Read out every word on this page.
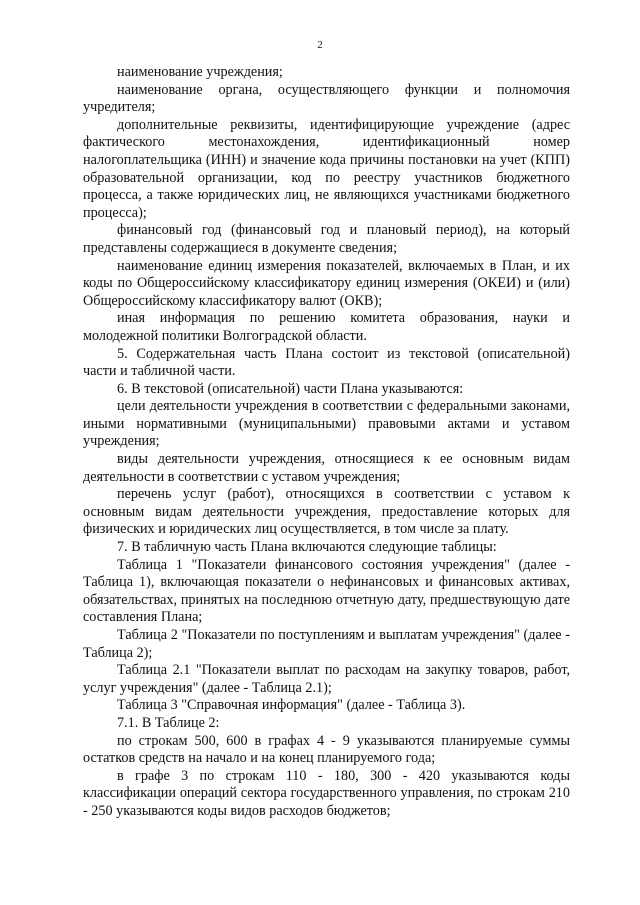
2

наименование учреждения;

наименование органа, осуществляющего функции и полномочия учредителя;

дополнительные реквизиты, идентифицирующие учреждение (адрес фактического местонахождения, идентификационный номер налогоплательщика (ИНН) и значение кода причины постановки на учет (КПП) образовательной организации, код по реестру участников бюджетного процесса, а также юридических лиц, не являющихся участниками бюджетного процесса);

финансовый год (финансовый год и плановый период), на который представлены содержащиеся в документе сведения;

наименование единиц измерения показателей, включаемых в План, и их коды по Общероссийскому классификатору единиц измерения (ОКЕИ) и (или) Общероссийскому классификатору валют (ОКВ);

иная информация по решению комитета образования, науки и молодежной политики Волгоградской области.

5. Содержательная часть Плана состоит из текстовой (описательной) части и табличной части.

6. В текстовой (описательной) части Плана указываются:

цели деятельности учреждения в соответствии с федеральными законами, иными нормативными (муниципальными) правовыми актами и уставом учреждения;

виды деятельности учреждения, относящиеся к ее основным видам деятельности в соответствии с уставом учреждения;

перечень услуг (работ), относящихся в соответствии с уставом к основным видам деятельности учреждения, предоставление которых для физических и юридических лиц осуществляется, в том числе за плату.

7. В табличную часть Плана включаются следующие таблицы:

Таблица 1 "Показатели финансового состояния учреждения" (далее - Таблица 1), включающая показатели о нефинансовых и финансовых активах, обязательствах, принятых на последнюю отчетную дату, предшествующую дате составления Плана;

Таблица 2 "Показатели по поступлениям и выплатам учреждения" (далее - Таблица 2);

Таблица 2.1 "Показатели выплат по расходам на закупку товаров, работ, услуг учреждения" (далее - Таблица 2.1);

Таблица 3 "Справочная информация" (далее - Таблица 3).

7.1. В Таблице 2:

по строкам 500, 600 в графах 4 - 9 указываются планируемые суммы остатков средств на начало и на конец планируемого года;

в графе 3 по строкам 110 - 180, 300 - 420 указываются коды классификации операций сектора государственного управления, по строкам 210 - 250 указываются коды видов расходов бюджетов;
